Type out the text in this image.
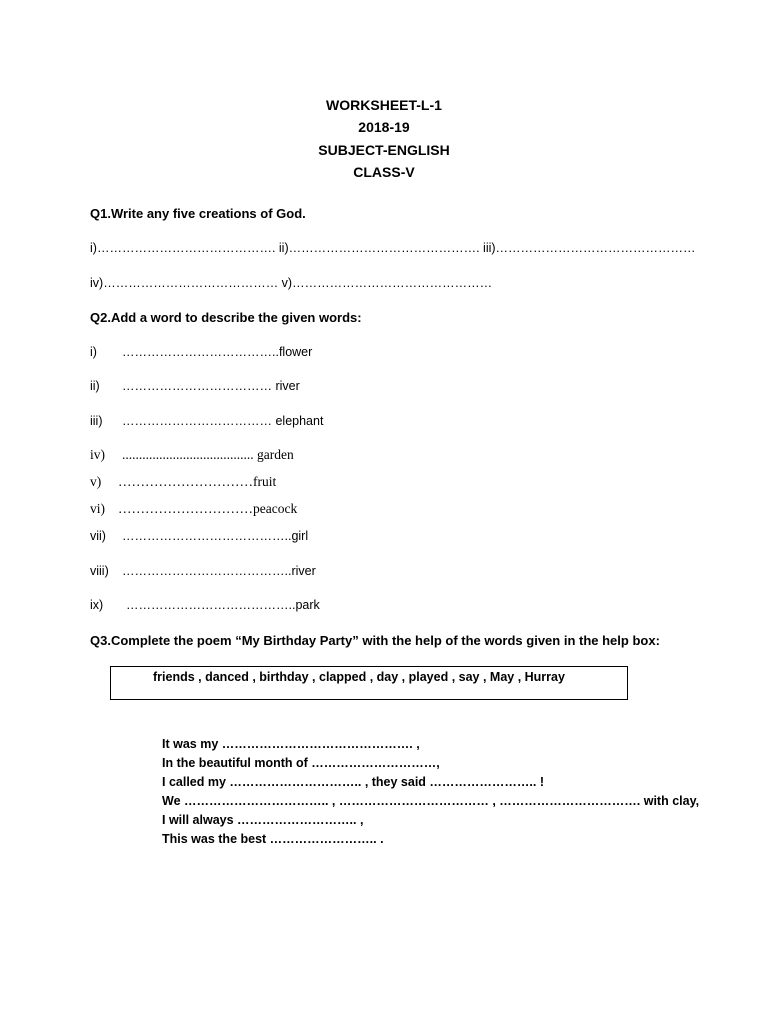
WORKSHEET-L-1
2018-19
SUBJECT-ENGLISH
CLASS-V
Q1.Write any five creations of God.
i)……………………………………. ii)………………………………………. iii)…………………………………………
iv)…………………………………… v)…………………………………………
Q2.Add a word to describe the given words:
i) ………………………………..flower
ii) ……………………………… river
iii) ……………………………… elephant
iv) ....................................... garden
v) …………………………fruit
vi) …………………………peacock
vii) …………………………………..girl
viii) …………………………………..river
ix) …………………………………..park
Q3.Complete the poem “My Birthday Party” with the help of the words given in the help box:
friends , danced , birthday , clapped , day , played , say , May , Hurray
It was my ………………………………………. ,
In the beautiful month of …………………………,
I called my ………………………….. , they said …………………….. !
We …………………………….. , ……………………………… , ……………………………. with clay,
I will always ……………………….. ,
This was the best …………………….. .
